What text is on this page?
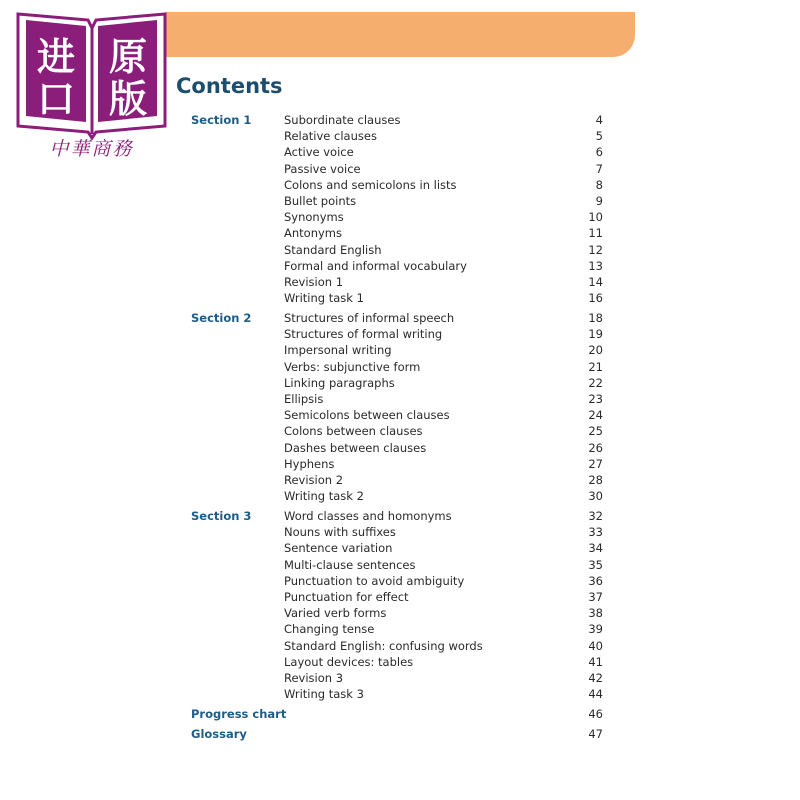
进
口
原
版
中華商務
Contents
Section 1	Subordinate clauses	4
Relative clauses	5
Active voice	6
Passive voice	7
Colons and semicolons in lists	8
Bullet points	9
Synonyms	10
Antonyms	11
Standard English	12
Formal and informal vocabulary	13
Revision 1	14
Writing task 1	16
Section 2	Structures of informal speech	18
Structures of formal writing	19
Impersonal writing	20
Verbs: subjunctive form	21
Linking paragraphs	22
Ellipsis	23
Semicolons between clauses	24
Colons between clauses	25
Dashes between clauses	26
Hyphens	27
Revision 2	28
Writing task 2	30
Section 3	Word classes and homonyms	32
Nouns with suffixes	33
Sentence variation	34
Multi-clause sentences	35
Punctuation to avoid ambiguity	36
Punctuation for effect	37
Varied verb forms	38
Changing tense	39
Standard English: confusing words	40
Layout devices: tables	41
Revision 3	42
Writing task 3	44
Progress chart	46
Glossary	47
